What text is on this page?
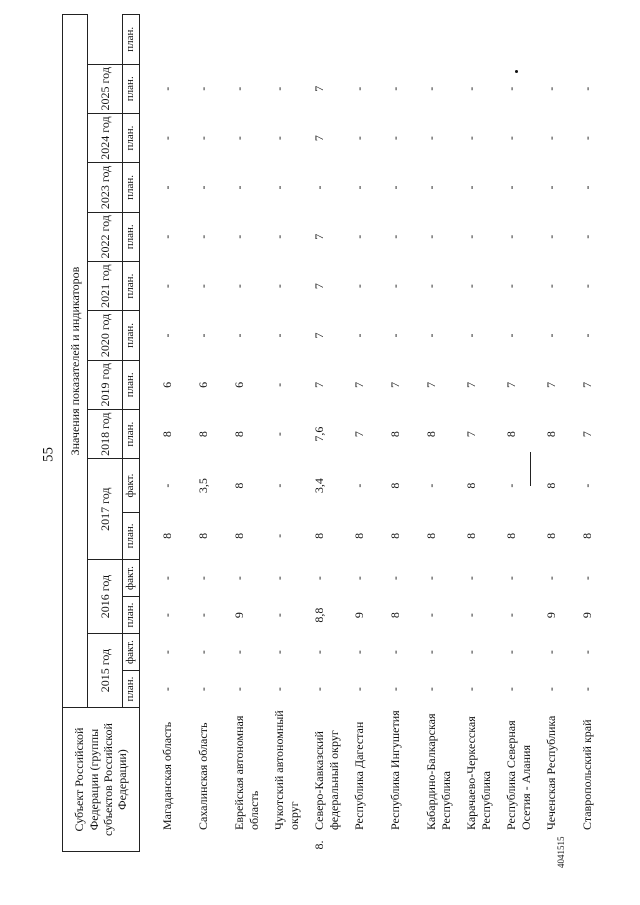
55
4041515
Субъект Российской Федерации (группы субъектов Российской Федерации)		Значения показателей и индикаторов														
		2015 год		2016 год		2017 год		2018 год	2019 год	2020 год	2021 год	2022 год	2023 год	2024 год	2025 год	
		план.	факт.	план.	факт.	план.	факт.	план.	план.	план.	план.	план.	план.	план.	план.	план.

	Магаданская область	-	-	-	-	8	-	8	6	-	-	-	-	-	-	
	Сахалинская область	-	-	-	-	8	3,5	8	6	-	-	-	-	-	-	
	Еврейская автономная область	-	-	9	-	8	8	8	6	-	-	-	-	-	-	
	Чукотский автономный округ	-	-	-	-	-	-	-	-	-	-	-	-	-	-	
8.	Северо-Кавказский федеральный округ	-	-	8,8	-	8	3,4	7,6	7	7	7	7	-	7	7	
	Республика Дагестан	-	-	9	-	8	-	7	7	-	-	-	-	-	-	
	Республика Ингушетия	-	-	8	-	8	8	8	7	-	-	-	-	-	-	
	Кабардино-Балкарская Республика	-	-	-	-	8	-	8	7	-	-	-	-	-	-	
	Карачаево-Черкесская Республика	-	-	-	-	8	8	7	7	-	-	-	-	-	-	
	Республика Северная Осетия - Алания	-	-	-	-	8	-	8	7	-	-	-	-	-	-	
	Чеченская Республика	-	-	9	-	8	8	8	7	-	-	-	-	-	-	
	Ставропольский край	-	-	9	-	8	-	7	7	-	-	-	-	-	-	
